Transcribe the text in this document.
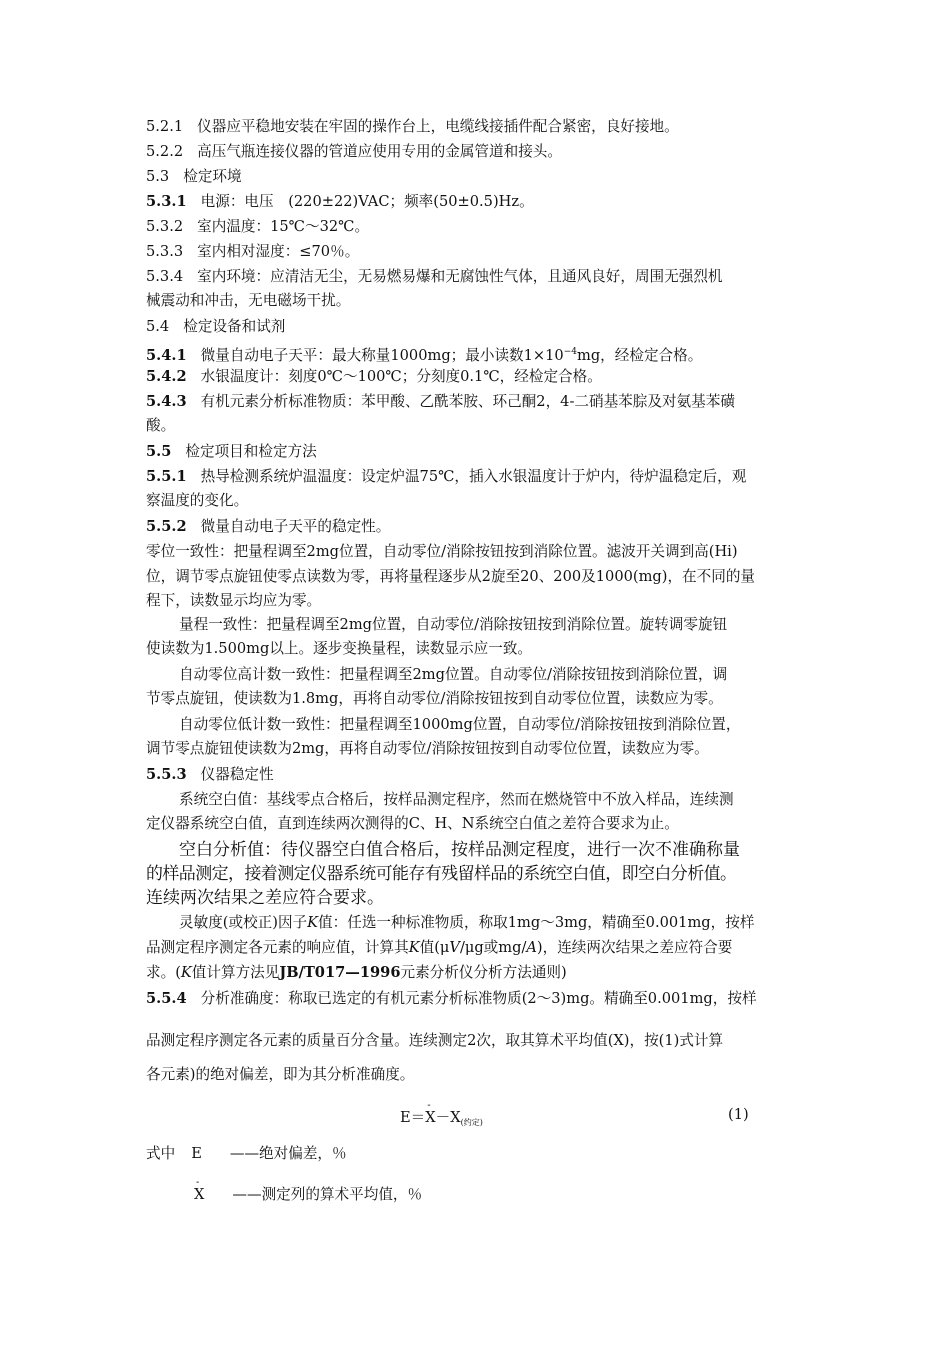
5.2.1 仪器应平稳地安装在牢固的操作台上，电缆线接插件配合紧密，良好接地。
5.2.2 高压气瓶连接仪器的管道应使用专用的金属管道和接头。
5.3 检定环境
5.3.1 电源：电压　(220±22)VAC；频率(50±0.5)Hz。
5.3.2 室内温度：15℃～32℃。
5.3.3 室内相对湿度：≤70％。
5.3.4 室内环境：应清洁无尘，无易燃易爆和无腐蚀性气体，且通风良好，周围无强烈机
械震动和冲击，无电磁场干扰。
5.4 检定设备和试剂
5.4.1 微量自动电子天平：最大称量1000mg；最小读数$1\times 10^{-4}mg$，经检定合格。
5.4.2 水银温度计：刻度0℃～100℃；分刻度0.1℃，经检定合格。
5.4.3 有机元素分析标准物质：苯甲酸、乙酰苯胺、环己酮2，4-二硝基苯腙及对氨基苯磺
酸。
5.5 检定项目和检定方法
5.5.1 热导检测系统炉温温度：设定炉温75℃，插入水银温度计于炉内，待炉温稳定后，观
察温度的变化。
5.5.2 微量自动电子天平的稳定性。
零位一致性：把量程调至2mg位置，自动零位/消除按钮按到消除位置。滤波开关调到高(Hi)
位，调节零点旋钮使零点读数为零，再将量程逐步从2旋至20、200及1000(mg)，在不同的量
程下，读数显示均应为零。
量程一致性：把量程调至2mg位置，自动零位/消除按钮按到消除位置。旋转调零旋钮
使读数为1.500mg以上。逐步变换量程，读数显示应一致。
自动零位高计数一致性：把量程调至2mg位置。自动零位/消除按钮按到消除位置，调
节零点旋钮，使读数为1.8mg，再将自动零位/消除按钮按到自动零位位置，读数应为零。
自动零位低计数一致性：把量程调至1000mg位置，自动零位/消除按钮按到消除位置，
调节零点旋钮使读数为2mg，再将自动零位/消除按钮按到自动零位位置，读数应为零。
5.5.3 仪器稳定性
系统空白值：基线零点合格后，按样品测定程序，然而在燃烧管中不放入样品，连续测
定仪器系统空白值，直到连续两次测得的C、H、N系统空白值之差符合要求为止。
空白分析值：待仪器空白值合格后，按样品测定程度，进行一次不准确称量
的样品测定，接着测定仪器系统可能存有残留样品的系统空白值，即空白分析值。
连续两次结果之差应符合要求。
灵敏度(或校正)因子K值：任选一种标准物质，称取1mg～3mg，精确至0.001mg，按样
品测定程序测定各元素的响应值，计算其K值(μV/μg或mg/A)，连续两次结果之差应符合要
求。(K值计算方法见JB/T017—1996元素分析仪分析方法通则)
5.5.4 分析准确度：称取已选定的有机元素分析标准物质(2～3)mg。精确至0.001mg，按样
品测定程序测定各元素的质量百分含量。连续测定2次，取其算术平均值(X)，按(1)式计算
各元素)的绝对偏差，即为其分析准确度。
E＝- $X-X_{(约定)}$	(1)
式中 E ——绝对偏差，％
- X ——测定列的算术平均值，％
